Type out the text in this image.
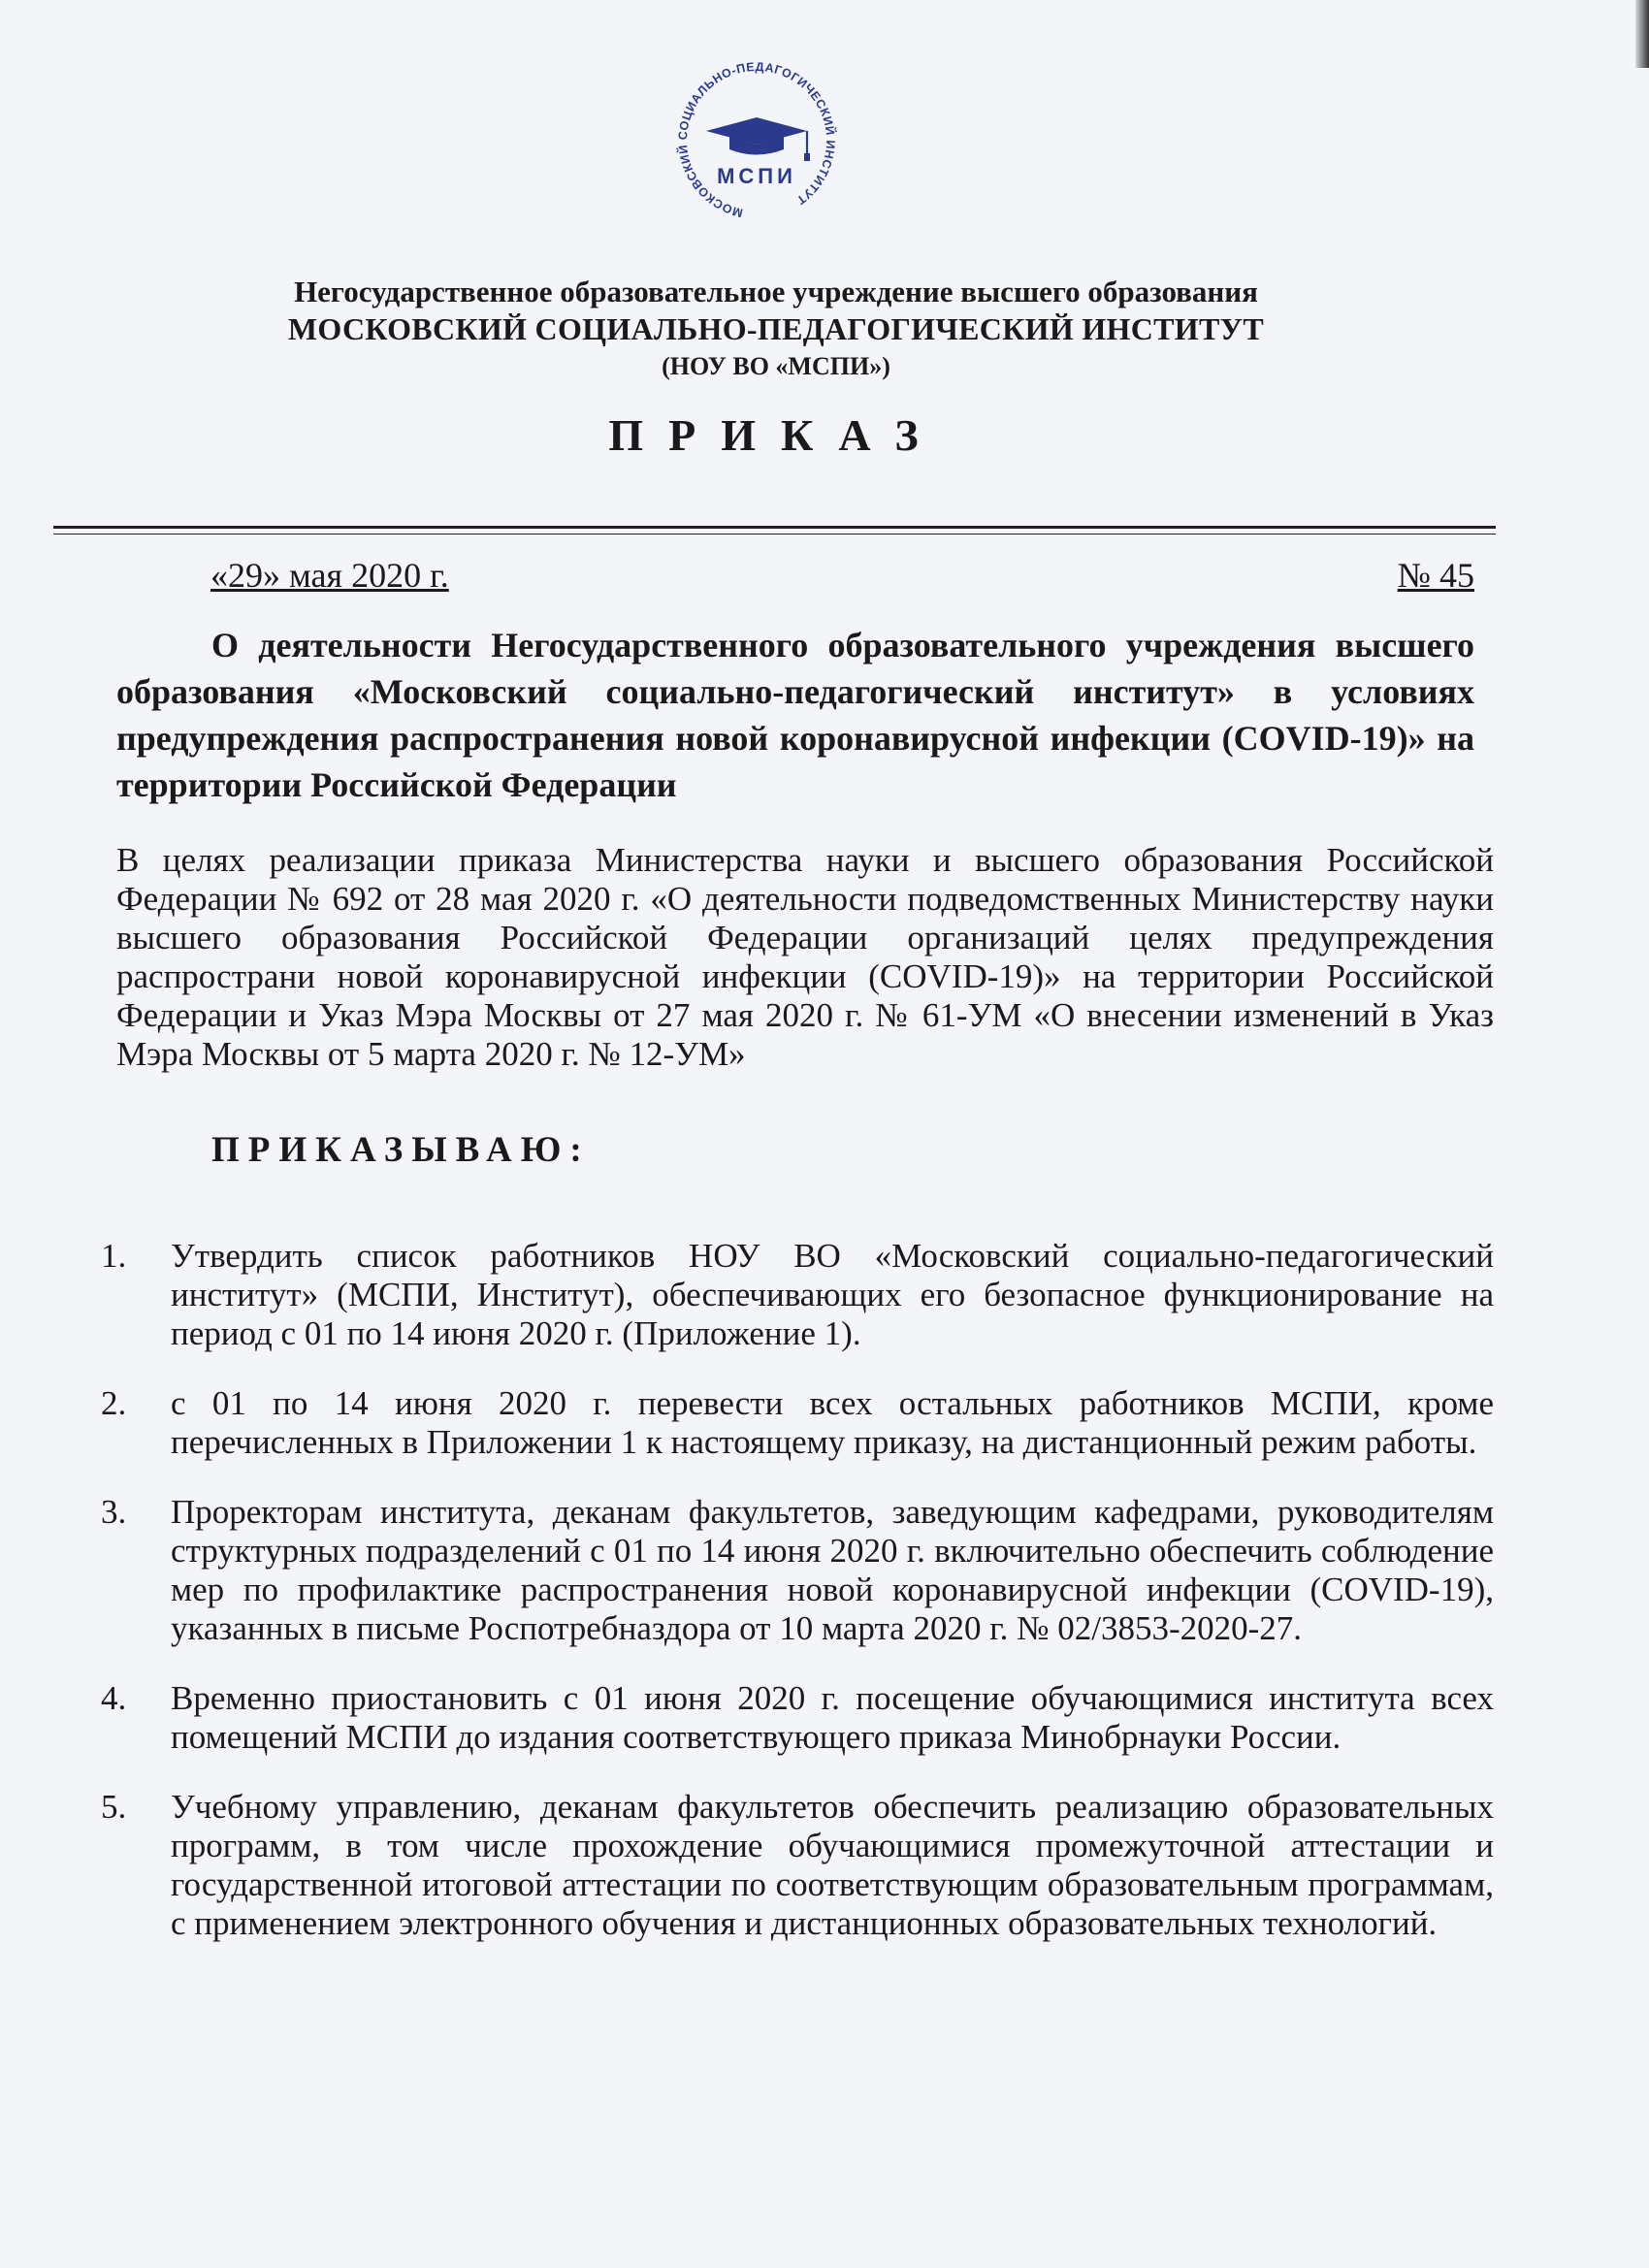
МОСКОВСКИЙ СОЦИАЛЬНО-ПЕДАГОГИЧЕСКИЙ ИНСТИТУТ
МСПИ

Негосударственное образовательное учреждение высшего образования

МОСКОВСКИЙ СОЦИАЛЬНО-ПЕДАГОГИЧЕСКИЙ ИНСТИТУТ

(НОУ ВО «МСПИ»)

ПРИКАЗ

«29» мая 2020 г.	№ 45

О деятельности Негосударственного образовательного учреждения высшего образования «Московский социально-педагогический институт» в условиях предупреждения распространения новой коронавирусной инфекции (COVID-19)» на территории Российской Федерации

В целях реализации приказа Министерства науки и высшего образования Российской Федерации № 692 от 28 мая 2020 г. «О деятельности подведомственных Министерству науки высшего образования Российской Федерации организаций целях предупреждения распространи новой коронавирусной инфекции (COVID-19)» на территории Российской Федерации и Указ Мэра Москвы от 27 мая 2020 г. № 61-УМ «О внесении изменений в Указ Мэра Москвы от 5 марта 2020 г. № 12-УМ»

ПРИКАЗЫВАЮ:

1.	Утвердить список работников НОУ ВО «Московский социально-педагогический институт» (МСПИ, Институт), обеспечивающих его безопасное функционирование на период с 01 по 14 июня 2020 г. (Приложение 1).
2.	с 01 по 14 июня 2020 г. перевести всех остальных работников МСПИ, кроме перечисленных в Приложении 1 к настоящему приказу, на дистанционный режим работы.
3.	Проректорам института, деканам факультетов, заведующим кафедрами, руководителям структурных подразделений с 01 по 14 июня 2020 г. включительно обеспечить соблюдение мер по профилактике распространения новой коронавирусной инфекции (COVID-19), указанных в письме Роспотребназдора от 10 марта 2020 г. № 02/3853-2020-27.
4.	Временно приостановить с 01 июня 2020 г. посещение обучающимися института всех помещений МСПИ до издания соответствующего приказа Минобрнауки России.
5.	Учебному управлению, деканам факультетов обеспечить реализацию образовательных программ, в том числе прохождение обучающимися промежуточной аттестации и государственной итоговой аттестации по соответствующим образовательным программам, с применением электронного обучения и дистанционных образовательных технологий.
